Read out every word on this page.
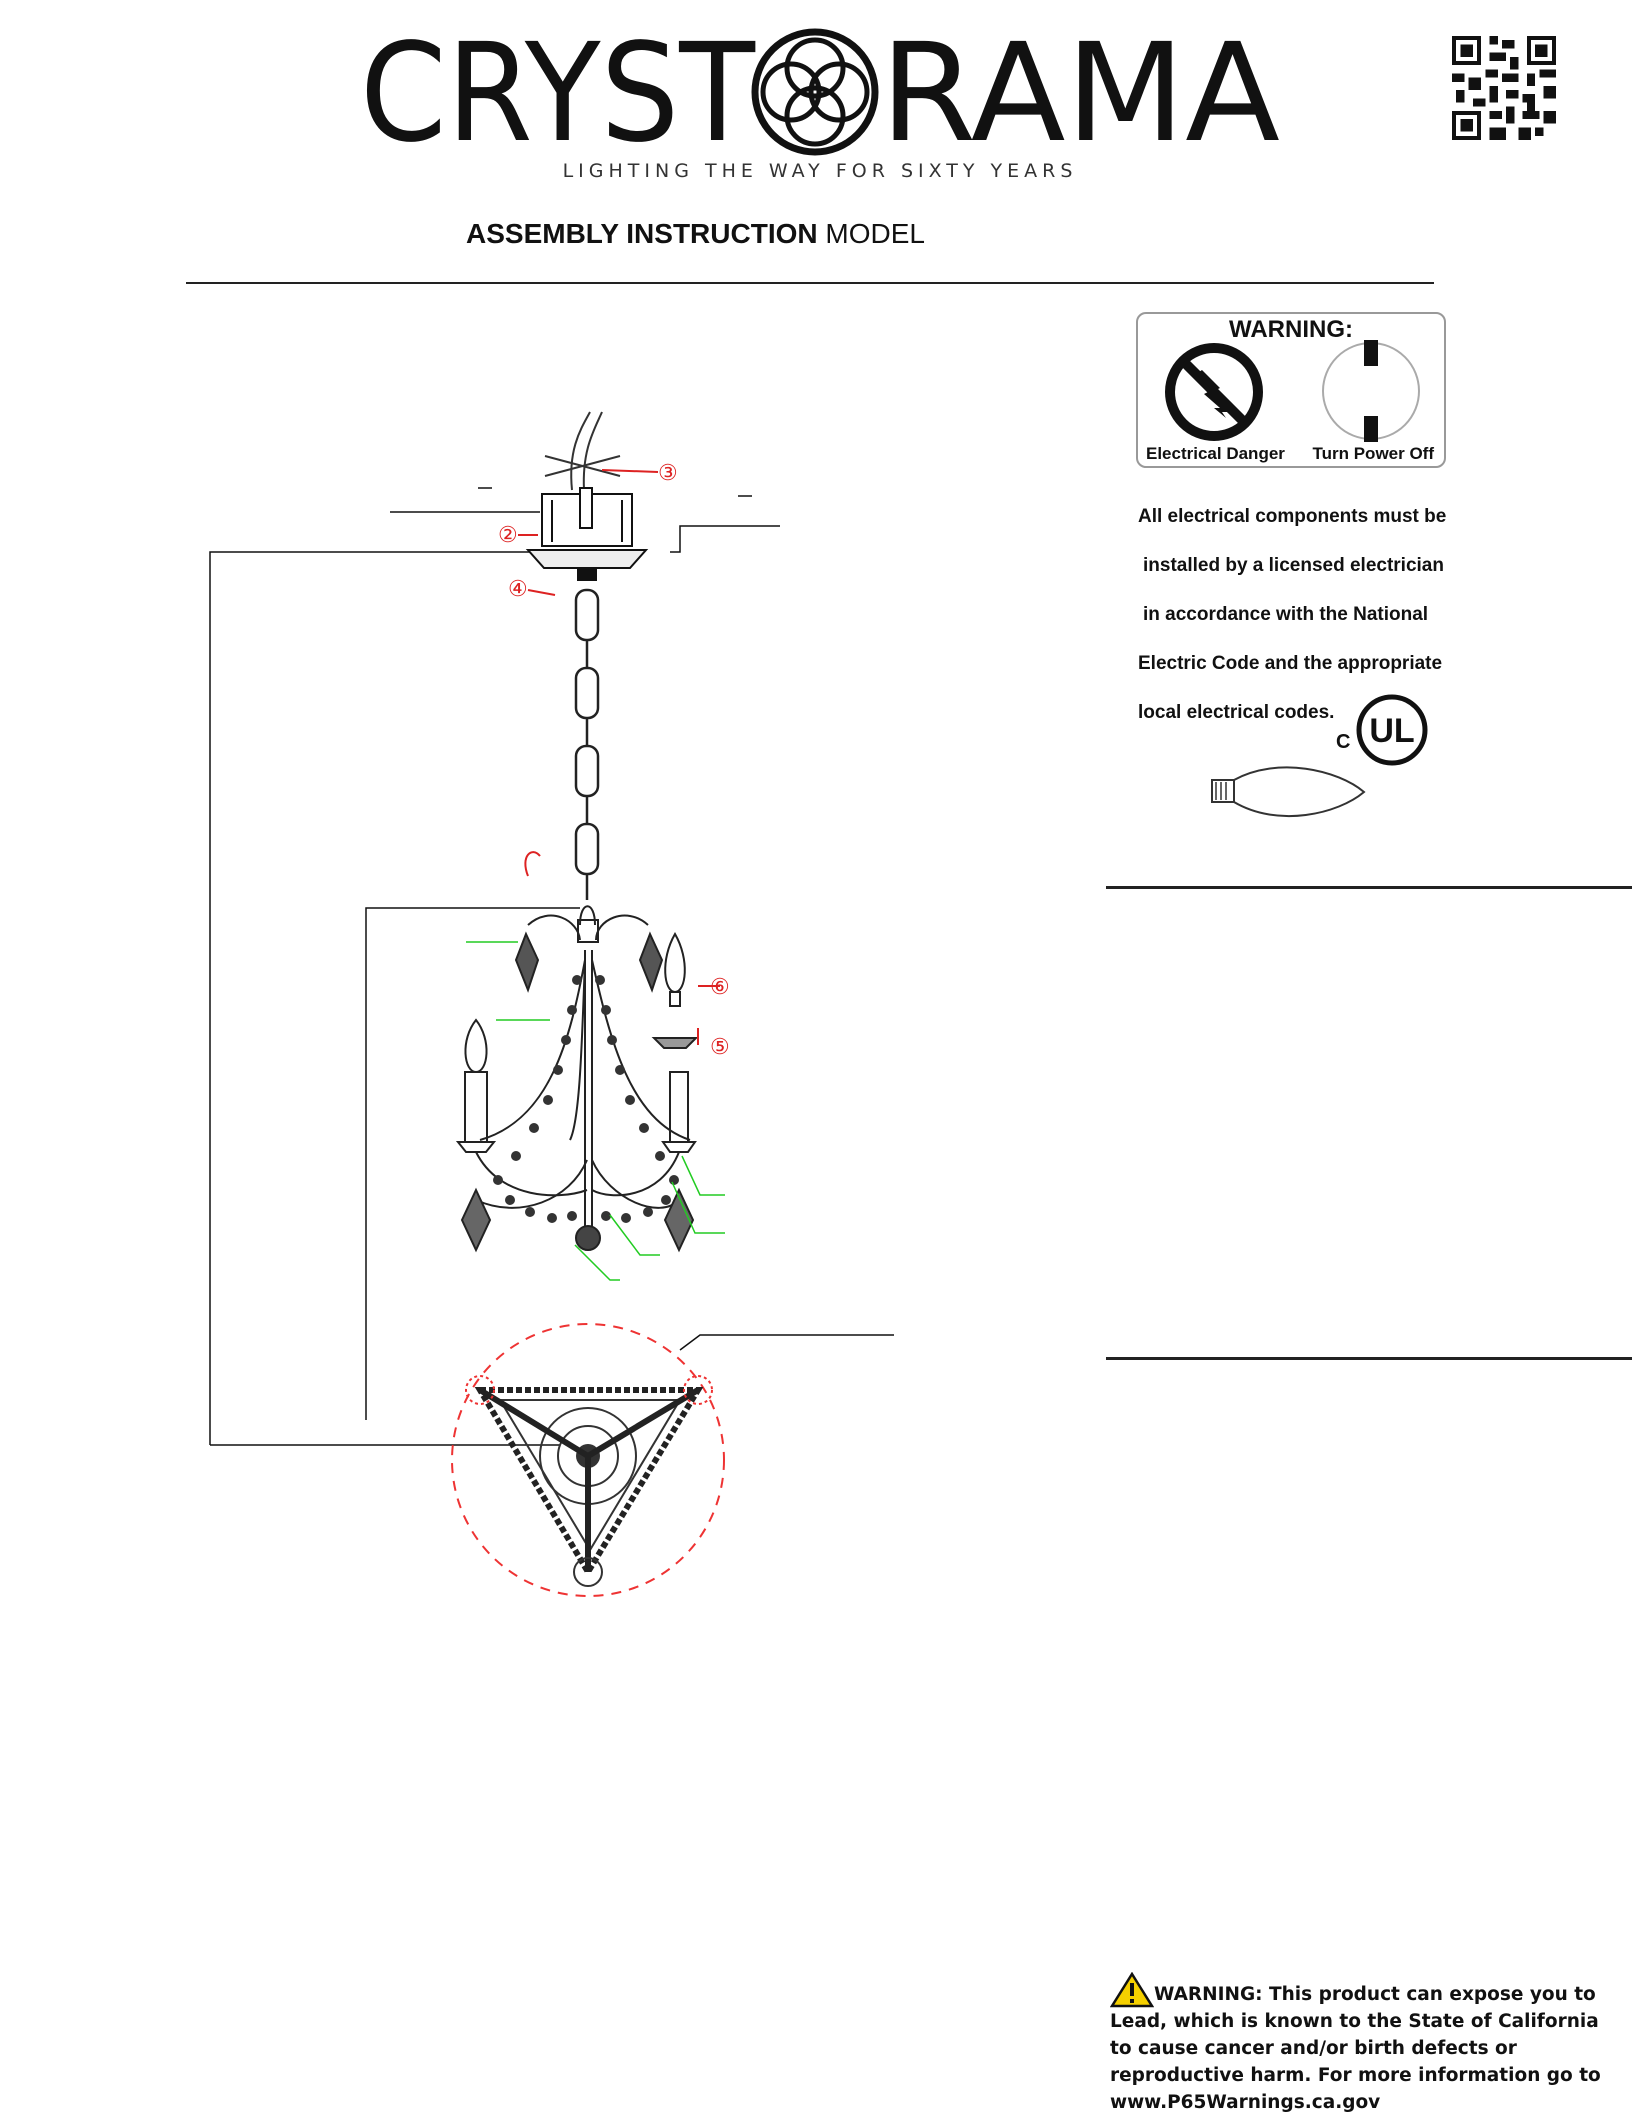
CRYST RAMA
LIGHTING THE WAY FOR SIXTY YEARS
ASSEMBLY INSTRUCTION MODEL
WARNING:
Electrical Danger Turn Power Off
All electrical components must be
installed by a licensed electrician
in accordance with the National
Electric Code and the appropriate
local electrical codes.
C UL
③
②
④
⑥
⑤
WARNING: This product can expose you to Lead, which is known to the State of California to cause cancer and/or birth defects or reproductive harm. For more information go to www.P65Warnings.ca.gov
